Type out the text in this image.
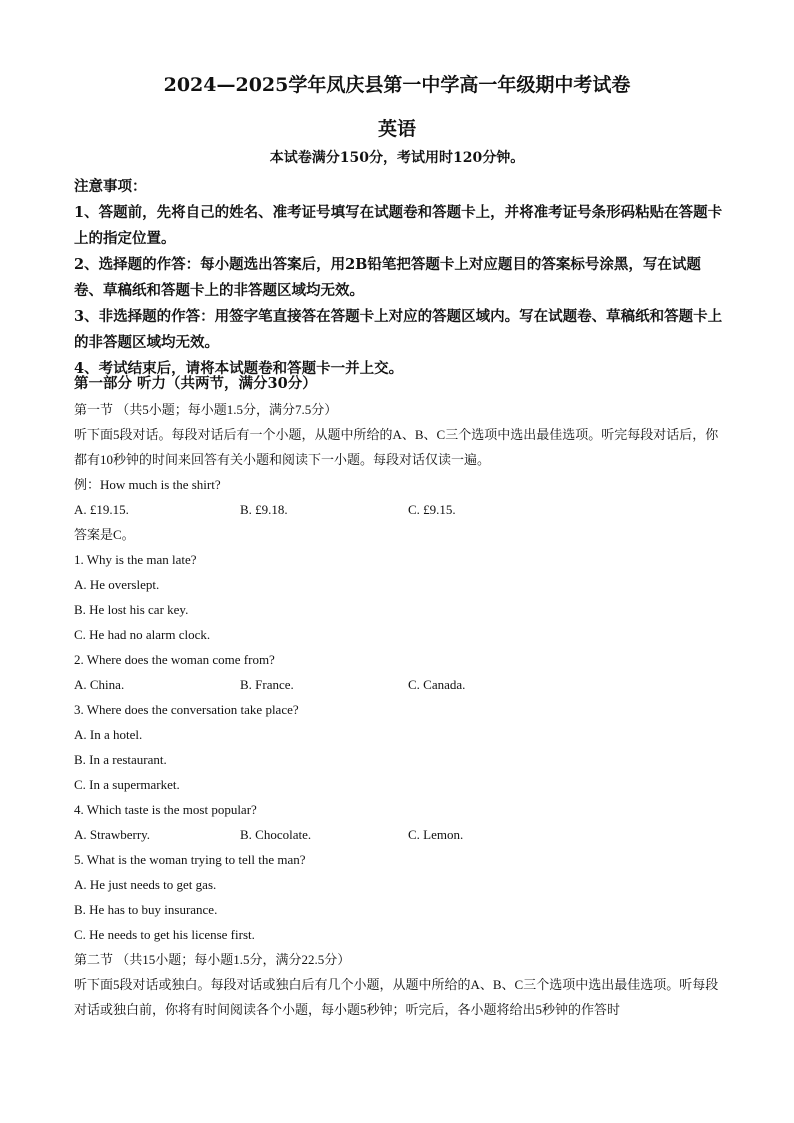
2024—2025学年凤庆县第一中学高一年级期中考试卷
英语
本试卷满分150分，考试用时120分钟。

注意事项：

1、答题前，先将自己的姓名、准考证号填写在试题卷和答题卡上，并将准考证号条形码粘贴在答题卡上的指定位置。

2、选择题的作答：每小题选出答案后，用2B铅笔把答题卡上对应题目的答案标号涂黑，写在试题卷、草稿纸和答题卡上的非答题区域均无效。

3、非选择题的作答：用签字笔直接答在答题卡上对应的答题区域内。写在试题卷、草稿纸和答题卡上的非答题区域均无效。

4、考试结束后，请将本试题卷和答题卡一并上交。

第一部分 听力（共两节，满分30分）

第一节 （共5小题；每小题1.5分，满分7.5分）

听下面5段对话。每段对话后有一个小题，从题中所给的A、B、C三个选项中选出最佳选项。听完每段对话后，你都有10秒钟的时间来回答有关小题和阅读下一小题。每段对话仅读一遍。

例：How much is the shirt?

A. £19.15.	B. £9.18.	C. £9.15.

答案是C。

1. Why is the man late?

A. He overslept.

B. He lost his car key.

C. He had no alarm clock.

2. Where does the woman come from?

A. China.	B. France.	C. Canada.

3. Where does the conversation take place?

A. In a hotel.

B. In a restaurant.

C. In a supermarket.

4. Which taste is the most popular?

A. Strawberry.	B. Chocolate.	C. Lemon.

5. What is the woman trying to tell the man?

A. He just needs to get gas.

B. He has to buy insurance.

C. He needs to get his license first.

第二节 （共15小题；每小题1.5分，满分22.5分）

听下面5段对话或独白。每段对话或独白后有几个小题，从题中所给的A、B、C三个选项中选出最佳选项。听每段对话或独白前，你将有时间阅读各个小题，每小题5秒钟；听完后，各小题将给出5秒钟的作答时
